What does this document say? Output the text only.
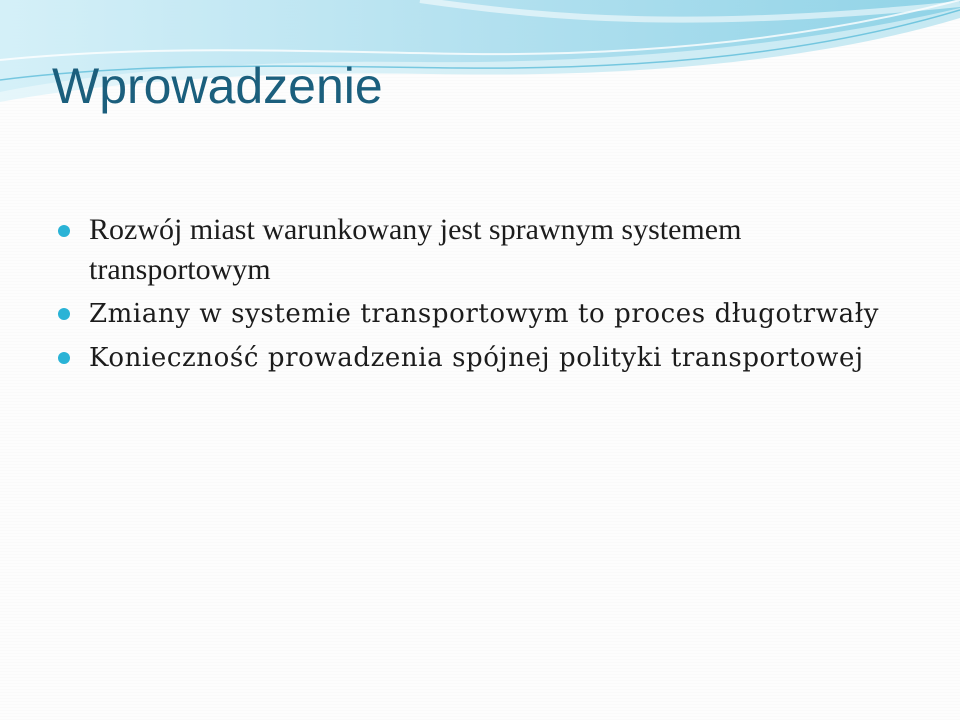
Wprowadzenie
Rozwój miast warunkowany jest sprawnym systemem transportowym
Zmiany w systemie transportowym to proces długotrwały
Konieczność prowadzenia spójnej polityki transportowej
